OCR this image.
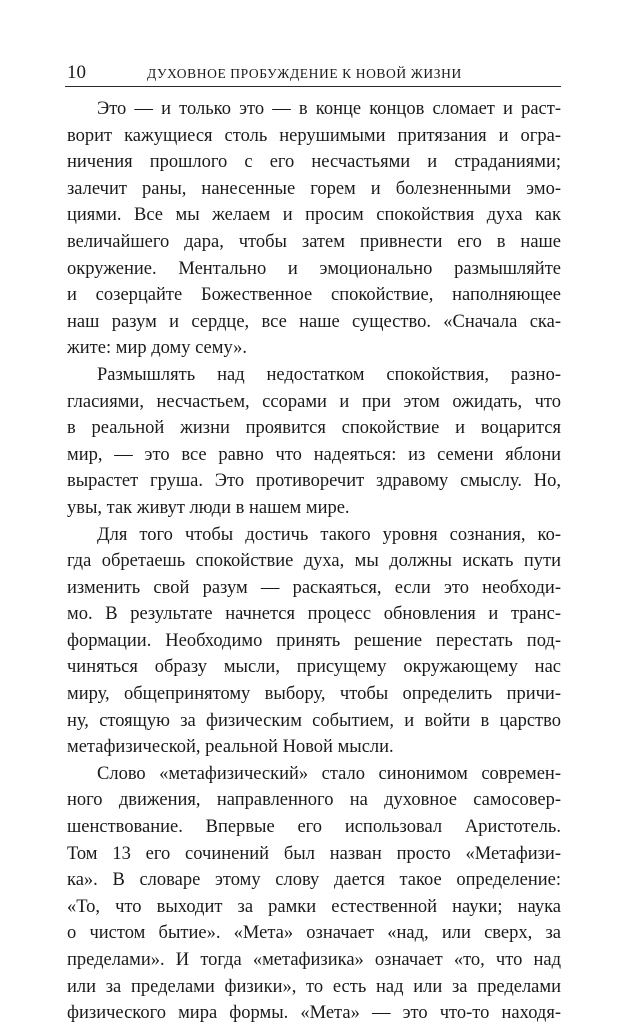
10	ДУХОВНОЕ ПРОБУЖДЕНИЕ К НОВОЙ ЖИЗНИ
Это — и только это — в конце концов сломает и раст-
ворит кажущиеся столь нерушимыми притязания и огра-
ничения прошлого с его несчастьями и страданиями;
залечит раны, нанесенные горем и болезненными эмо-
циями. Все мы желаем и просим спокойствия духа как
величайшего дара, чтобы затем привнести его в наше
окружение. Ментально и эмоционально размышляйте
и созерцайте Божественное спокойствие, наполняющее
наш разум и сердце, все наше существо. «Сначала ска-
жите: мир дому сему».
Размышлять над недостатком спокойствия, разно-
гласиями, несчастьем, ссорами и при этом ожидать, что
в реальной жизни проявится спокойствие и воцарится
мир, — это все равно что надеяться: из семени яблони
вырастет груша. Это противоречит здравому смыслу. Но,
увы, так живут люди в нашем мире.
Для того чтобы достичь такого уровня сознания, ко-
гда обретаешь спокойствие духа, мы должны искать пути
изменить свой разум — раскаяться, если это необходи-
мо. В результате начнется процесс обновления и транс-
формации. Необходимо принять решение перестать под-
чиняться образу мысли, присущему окружающему нас
миру, общепринятому выбору, чтобы определить причи-
ну, стоящую за физическим событием, и войти в царство
метафизической, реальной Новой мысли.
Слово «метафизический» стало синонимом современ-
ного движения, направленного на духовное самосовер-
шенствование. Впервые его использовал Аристотель.
Том 13 его сочинений был назван просто «Метафизи-
ка». В словаре этому слову дается такое определение:
«То, что выходит за рамки естественной науки; наука
о чистом бытие». «Мета» означает «над, или сверх, за
пределами». И тогда «метафизика» означает «то, что над
или за пределами физики», то есть над или за пределами
физического мира формы. «Мета» — это что-то находя-
